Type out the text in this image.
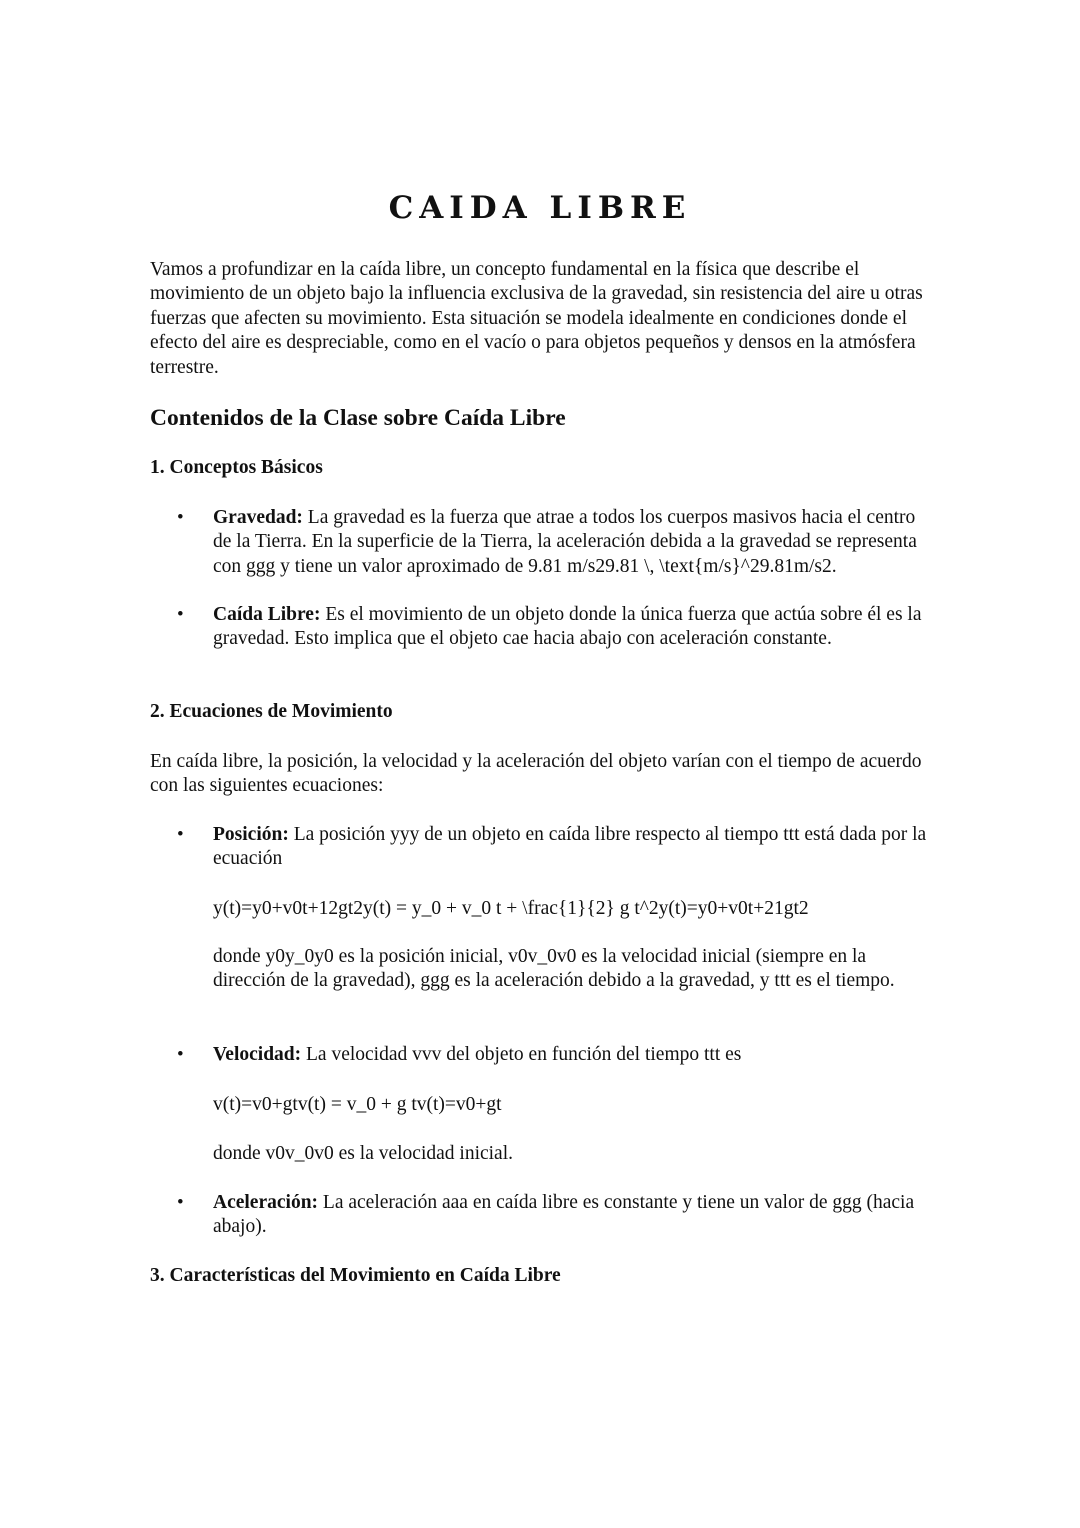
CAIDA LIBRE

Vamos a profundizar en la caída libre, un concepto fundamental en la física que describe el movimiento de un objeto bajo la influencia exclusiva de la gravedad, sin resistencia del aire u otras fuerzas que afecten su movimiento. Esta situación se modela idealmente en condiciones donde el efecto del aire es despreciable, como en el vacío o para objetos pequeños y densos en la atmósfera terrestre.

Contenidos de la Clase sobre Caída Libre
1. Conceptos Básicos
• Gravedad: La gravedad es la fuerza que atrae a todos los cuerpos masivos hacia el centro de la Tierra. En la superficie de la Tierra, la aceleración debida a la gravedad se representa con ggg y tiene un valor aproximado de 9.81 m/s29.81 \, \text{m/s}^29.81m/s2.

• Caída Libre: Es el movimiento de un objeto donde la única fuerza que actúa sobre él es la gravedad. Esto implica que el objeto cae hacia abajo con aceleración constante.

2. Ecuaciones de Movimiento

En caída libre, la posición, la velocidad y la aceleración del objeto varían con el tiempo de acuerdo con las siguientes ecuaciones:

• Posición: La posición yyy de un objeto en caída libre respecto al tiempo ttt está dada por la ecuación

y(t)=y0+v0t+12gt2y(t) = y_0 + v_0 t + \frac{1}{2} g t^2y(t)=y0+v0t+21gt2

donde y0y_0y0 es la posición inicial, v0v_0v0 es la velocidad inicial (siempre en la dirección de la gravedad), ggg es la aceleración debido a la gravedad, y ttt es el tiempo.

• Velocidad: La velocidad vvv del objeto en función del tiempo ttt es

v(t)=v0+gtv(t) = v_0 + g tv(t)=v0+gt

donde v0v_0v0 es la velocidad inicial.

• Aceleración: La aceleración aaa en caída libre es constante y tiene un valor de ggg (hacia abajo).

3. Características del Movimiento en Caída Libre
